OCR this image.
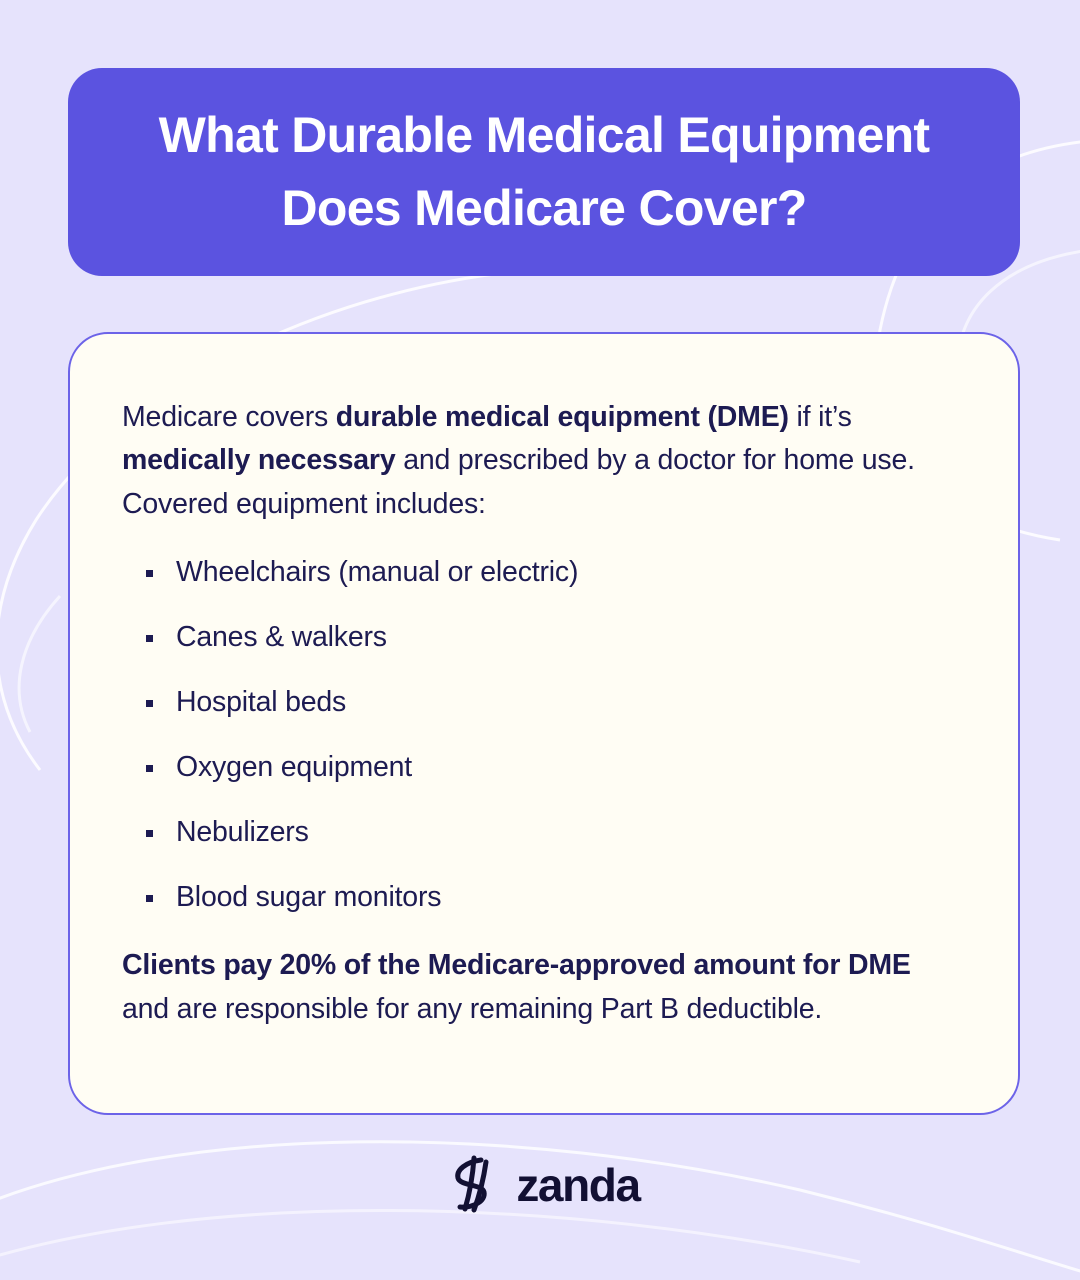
What Durable Medical Equipment Does Medicare Cover?

Medicare covers durable medical equipment (DME) if it’s medically necessary and prescribed by a doctor for home use. Covered equipment includes:

Wheelchairs (manual or electric)
Canes & walkers
Hospital beds
Oxygen equipment
Nebulizers
Blood sugar monitors

Clients pay 20% of the Medicare-approved amount for DME and are responsible for any remaining Part B deductible.

zanda
